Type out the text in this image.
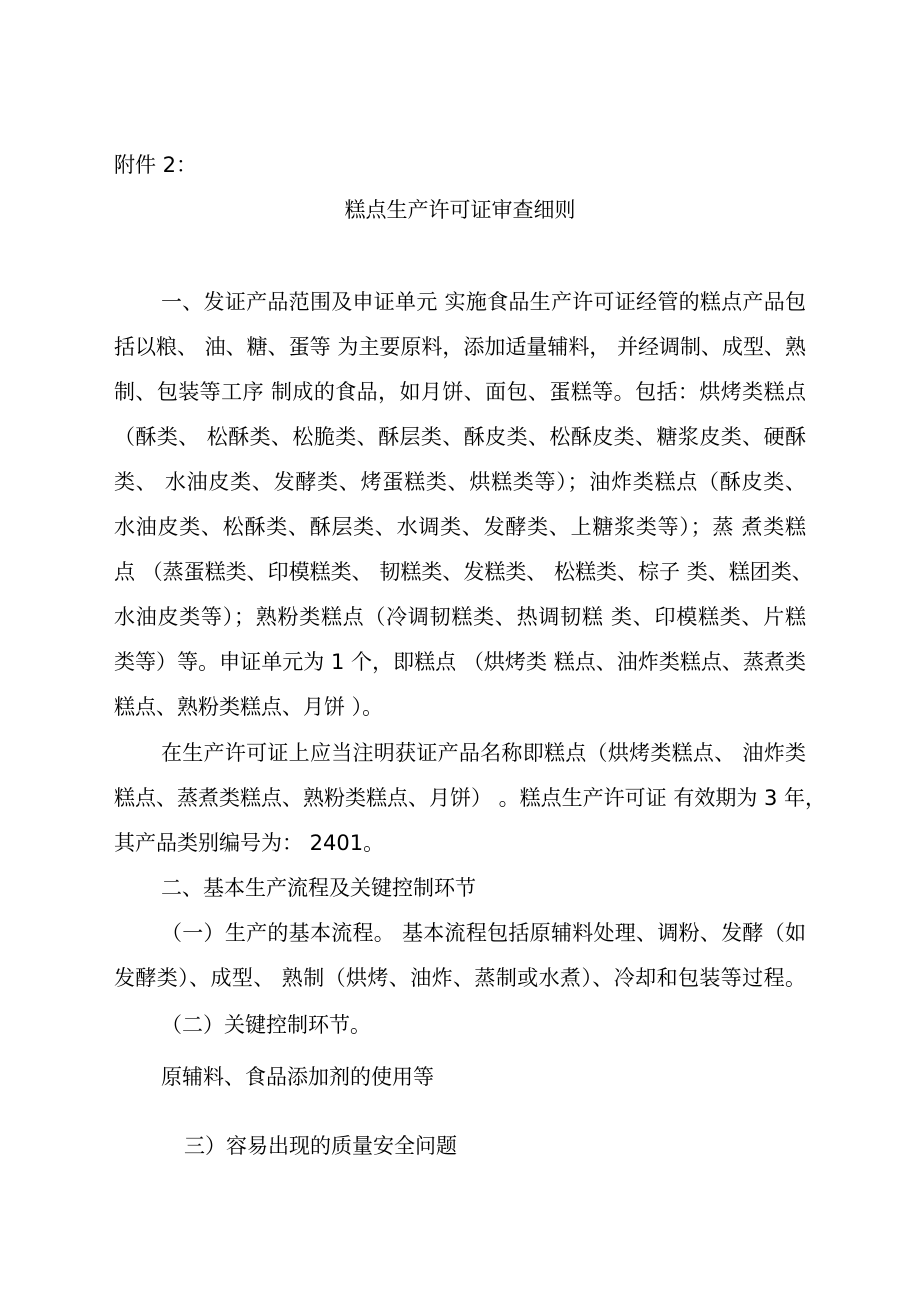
附件 2：
糕点生产许可证审查细则
一、发证产品范围及申证单元 实施食品生产许可证经管的糕点产品包
括以粮、 油、糖、蛋等 为主要原料，添加适量辅料， 并经调制、成型、熟
制、包装等工序 制成的食品，如月饼、面包、蛋糕等。包括：烘烤类糕点
（酥类、 松酥类、松脆类、酥层类、酥皮类、松酥皮类、糖浆皮类、硬酥
类、 水油皮类、发酵类、烤蛋糕类、烘糕类等）；油炸类糕点（酥皮类、
水油皮类、松酥类、酥层类、水调类、发酵类、上糖浆类等）；蒸 煮类糕
点 （蒸蛋糕类、印模糕类、 韧糕类、发糕类、 松糕类、棕子 类、糕团类、
水油皮类等）；熟粉类糕点（冷调韧糕类、热调韧糕 类、印模糕类、片糕
类等）等。申证单元为 1 个，即糕点 （烘烤类 糕点、油炸类糕点、蒸煮类
糕点、熟粉类糕点、月饼 ）。
在生产许可证上应当注明获证产品名称即糕点（烘烤类糕点、 油炸类
糕点、蒸煮类糕点、熟粉类糕点、月饼） 。糕点生产许可证 有效期为 3 年，
其产品类别编号为： 2401。
二、基本生产流程及关键控制环节
（一）生产的基本流程。 基本流程包括原辅料处理、调粉、发酵（如
发酵类）、成型、 熟制（烘烤、油炸、蒸制或水煮）、冷却和包装等过程。
（二）关键控制环节。
原辅料、食品添加剂的使用等
三）容易出现的质量安全问题
